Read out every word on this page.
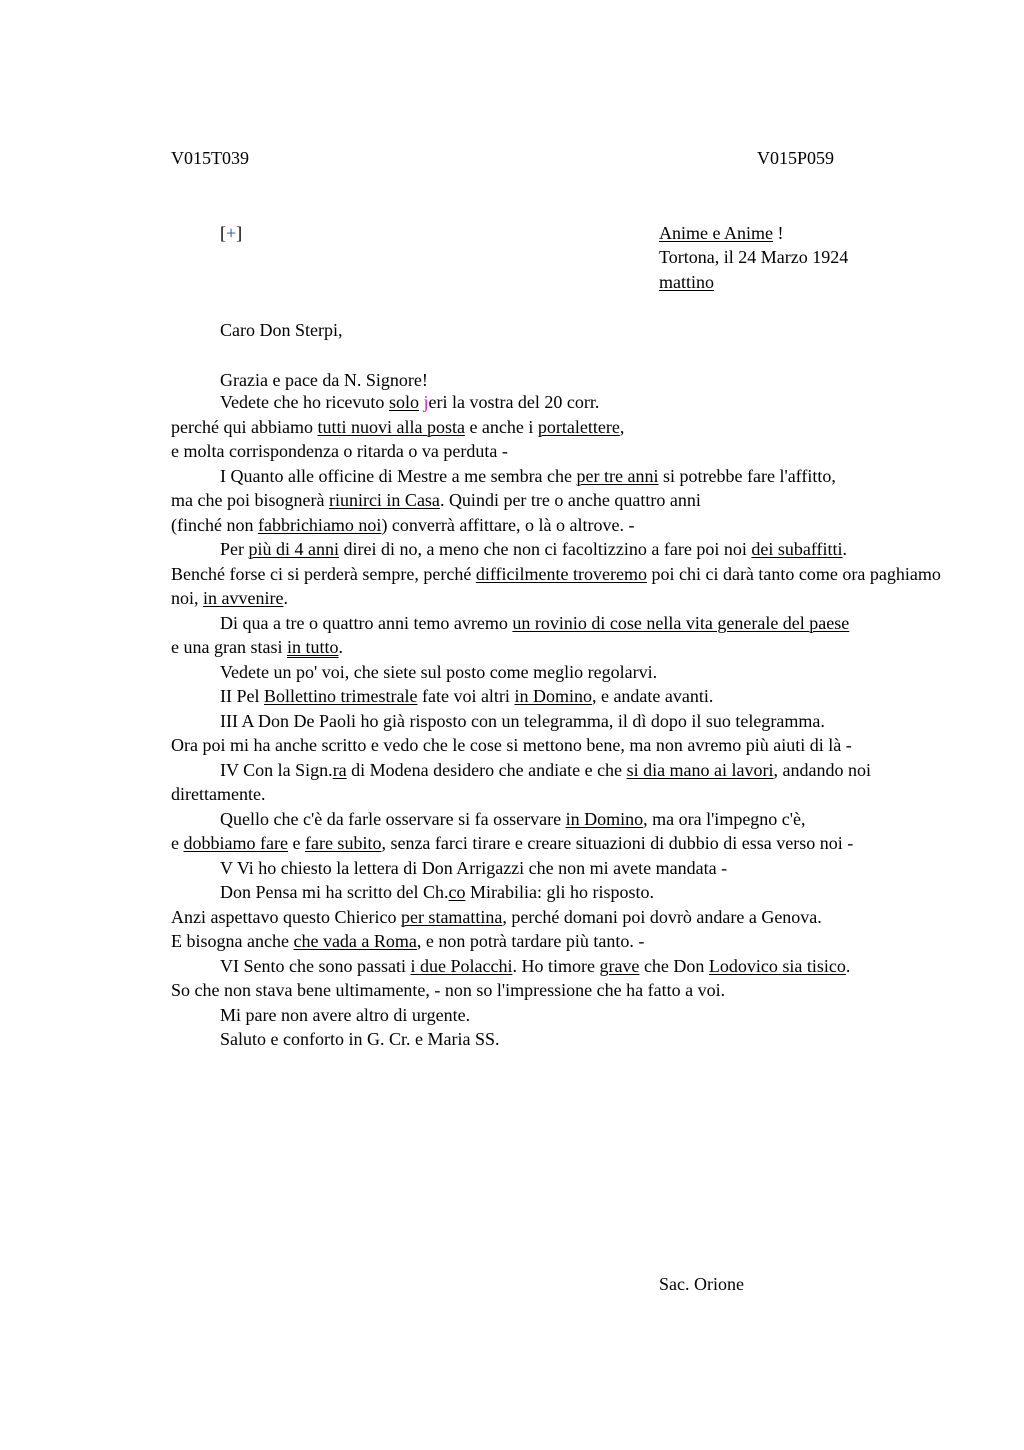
V015T039	V015P059
[+]	Anime e Anime !
Tortona, il 24 Marzo 1924
mattino
Caro Don Sterpi,
Grazia e pace da N. Signore!

Vedete che ho ricevuto solo jeri la vostra del 20 corr.

perché qui abbiamo tutti nuovi alla posta e anche i portalettere,

e molta corrispondenza o ritarda o va perduta -

I Quanto alle officine di Mestre a me sembra che per tre anni si potrebbe fare l'affitto,

ma che poi bisognerà riunirci in Casa. Quindi per tre o anche quattro anni

(finché non fabbrichiamo noi) converrà affittare, o là o altrove. -

Per più di 4 anni direi di no, a meno che non ci facoltizzino a fare poi noi dei subaffitti.

Benché forse ci si perderà sempre, perché difficilmente troveremo poi chi ci darà tanto come ora paghiamo noi, in avvenire.

Di qua a tre o quattro anni temo avremo un rovinio di cose nella vita generale del paese

e una gran stasi in tutto.

Vedete un po' voi, che siete sul posto come meglio regolarvi.

II Pel Bollettino trimestrale fate voi altri in Domino, e andate avanti.

III A Don De Paoli ho già risposto con un telegramma, il dì dopo il suo telegramma.

Ora poi mi ha anche scritto e vedo che le cose si mettono bene, ma non avremo più aiuti di là -

IV Con la Sign.ra di Modena desidero che andiate e che si dia mano ai lavori, andando noi direttamente.

Quello che c'è da farle osservare si fa osservare in Domino, ma ora l'impegno c'è,

e dobbiamo fare e fare subito, senza farci tirare e creare situazioni di dubbio di essa verso noi -

V Vi ho chiesto la lettera di Don Arrigazzi che non mi avete mandata -

Don Pensa mi ha scritto del Ch.co Mirabilia: gli ho risposto.

Anzi aspettavo questo Chierico per stamattina, perché domani poi dovrò andare a Genova.

E bisogna anche che vada a Roma, e non potrà tardare più tanto. -

VI Sento che sono passati i due Polacchi. Ho timore grave che Don Lodovico sia tisico.

So che non stava bene ultimamente, - non so l'impressione che ha fatto a voi.

Mi pare non avere altro di urgente.

Saluto e conforto in G. Cr. e Maria SS.

Sac. Orione
